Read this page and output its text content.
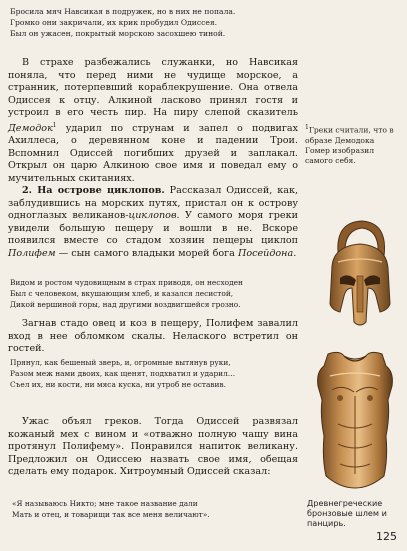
Бросила мяч Навсикая в подружек, но в них не попала.
Громко они закричали, их крик пробудил Одиссея.
Был он ужасен, покрытый морскою засохшею тиной.

В страхе разбежались служанки, но Навсикая поняла, что перед ними не чудище морское, а странник, потерпевший кораблекрушение. Она отвела Одиссея к отцу. Алкиной ласково принял гостя и устроил в его честь пир. На пиру слепой сказитель Демодок$^1$ ударил по струнам и запел о подвигах Ахиллеса, о деревянном коне и падении Трои. Вспомнил Одиссей погибших друзей и заплакал. Открыл он царю Алкиною свое имя и поведал ему о мучительных скитаниях.

2. На острове циклопов. Рассказал Одиссей, как, заблудившись на морских путях, пристал он к острову одноглазых великанов-циклопов. У самого моря греки увидели большую пещеру и вошли в не. Вскоре появился вместе со стадом хозяин пещеры циклоп Полифем — сын самого владыки морей бога Посейдона.

Видом и ростом чудовищным в страх приводя, он несходен
Был с человеком, вкушающим хлеб, и казался лесистой,
Дикой вершиной горы, над другими воздвигшейся грозно.

Загнав стадо овец и коз в пещеру, Полифем завалил вход в нее обломком скалы. Нелаского встретил он гостей.

Прянул, как бешеный зверь, и, огромные вытянув руки,
Разом меж нами двоих, как щенят, подхватил и ударил…
Съел их, ни кости, ни мяса куска, ни утроб не оставив.

Ужас объял греков. Тогда Одиссей развязал кожаный мех с вином и «отважно полную чашу вина протянул Полифему». Понравился напиток великану. Предложил он Одиссею назвать свое имя, обещая сделать ему подарок. Хитроумный Одиссей сказал:

«Я называюсь Никто; мне такое название дали
Мать и отец, и товарищи так все меня величают».
$^1$Греки считали, что в образе Демодока Гомер изобразил самого себя.
Древнегреческие бронзовые шлем и панцирь.
125
